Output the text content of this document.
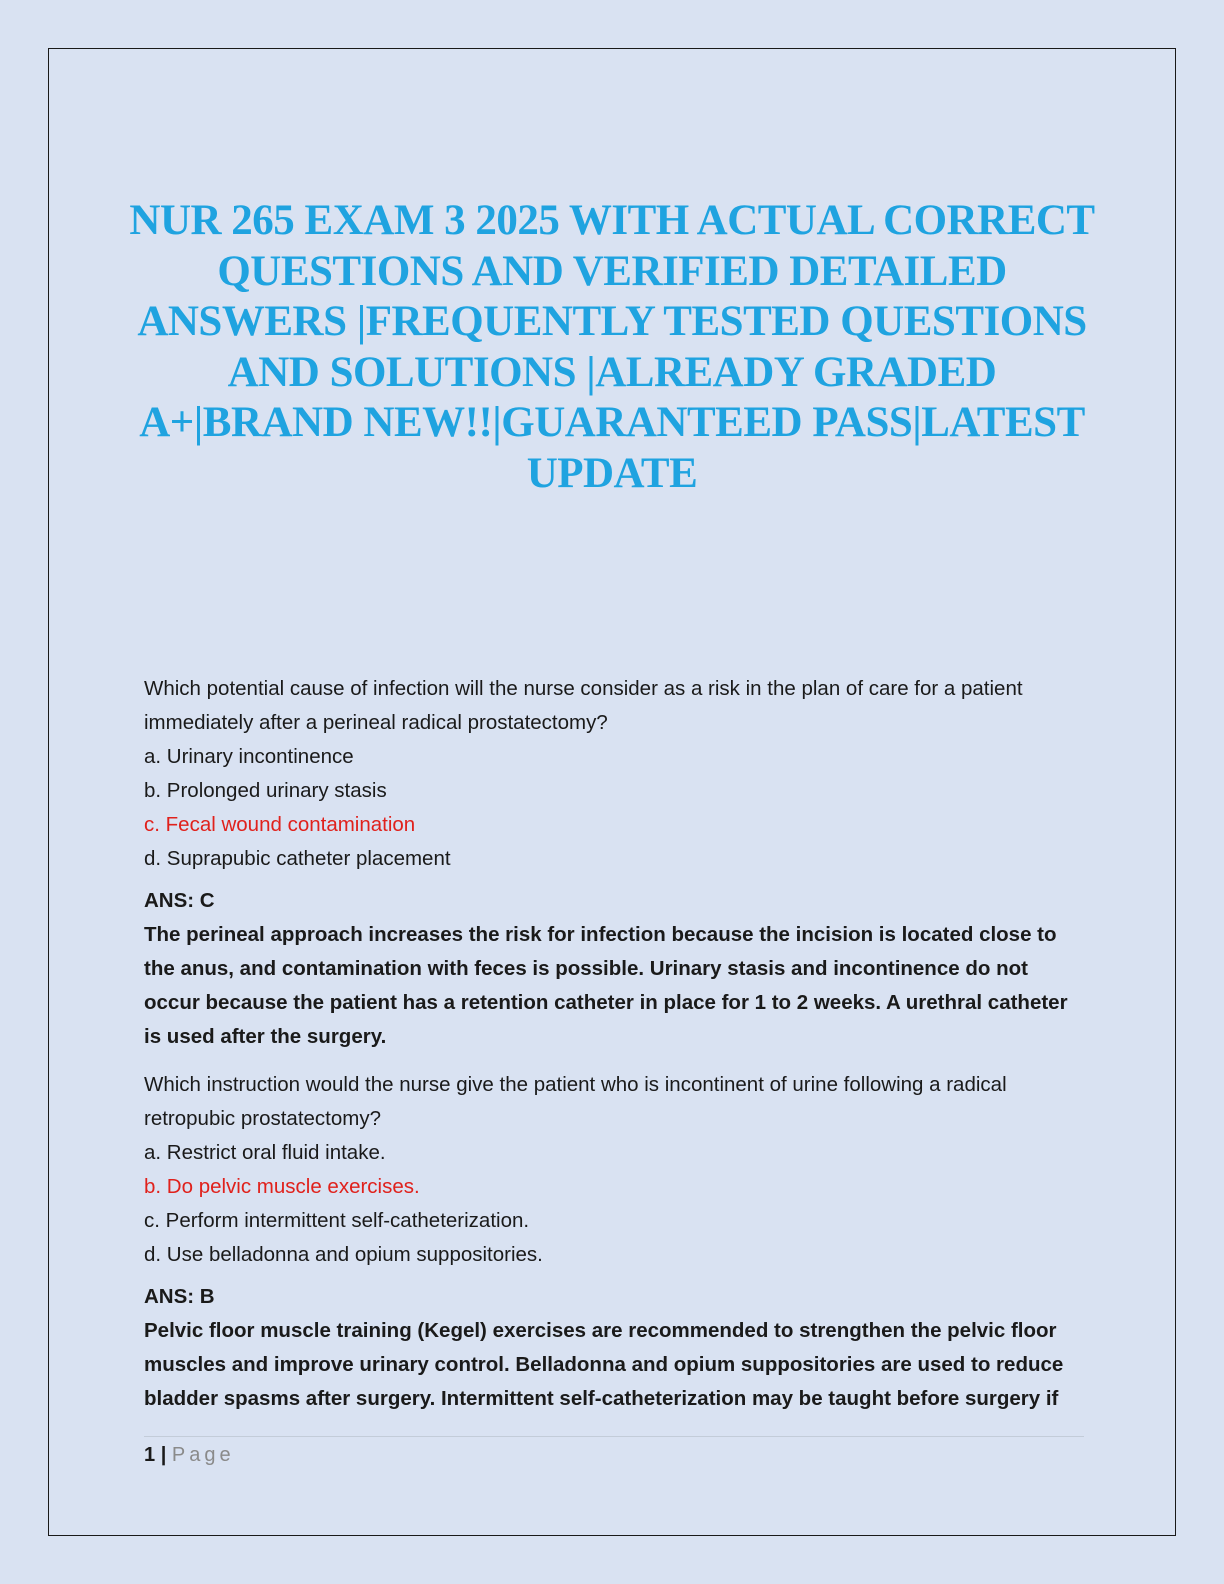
NUR 265 EXAM 3 2025 WITH ACTUAL CORRECT QUESTIONS AND VERIFIED DETAILED ANSWERS |FREQUENTLY TESTED QUESTIONS AND SOLUTIONS |ALREADY GRADED A+|BRAND NEW!!|GUARANTEED PASS|LATEST UPDATE

Which potential cause of infection will the nurse consider as a risk in the plan of care for a patient immediately after a perineal radical prostatectomy?

a. Urinary incontinence

b. Prolonged urinary stasis

c. Fecal wound contamination

d. Suprapubic catheter placement

ANS: C

The perineal approach increases the risk for infection because the incision is located close to the anus, and contamination with feces is possible. Urinary stasis and incontinence do not occur because the patient has a retention catheter in place for 1 to 2 weeks. A urethral catheter is used after the surgery.

Which instruction would the nurse give the patient who is incontinent of urine following a radical retropubic prostatectomy?

a. Restrict oral fluid intake.

b. Do pelvic muscle exercises.

c. Perform intermittent self-catheterization.

d. Use belladonna and opium suppositories.

ANS: B

Pelvic floor muscle training (Kegel) exercises are recommended to strengthen the pelvic floor muscles and improve urinary control. Belladonna and opium suppositories are used to reduce bladder spasms after surgery. Intermittent self-catheterization may be taught before surgery if

1 | Page
